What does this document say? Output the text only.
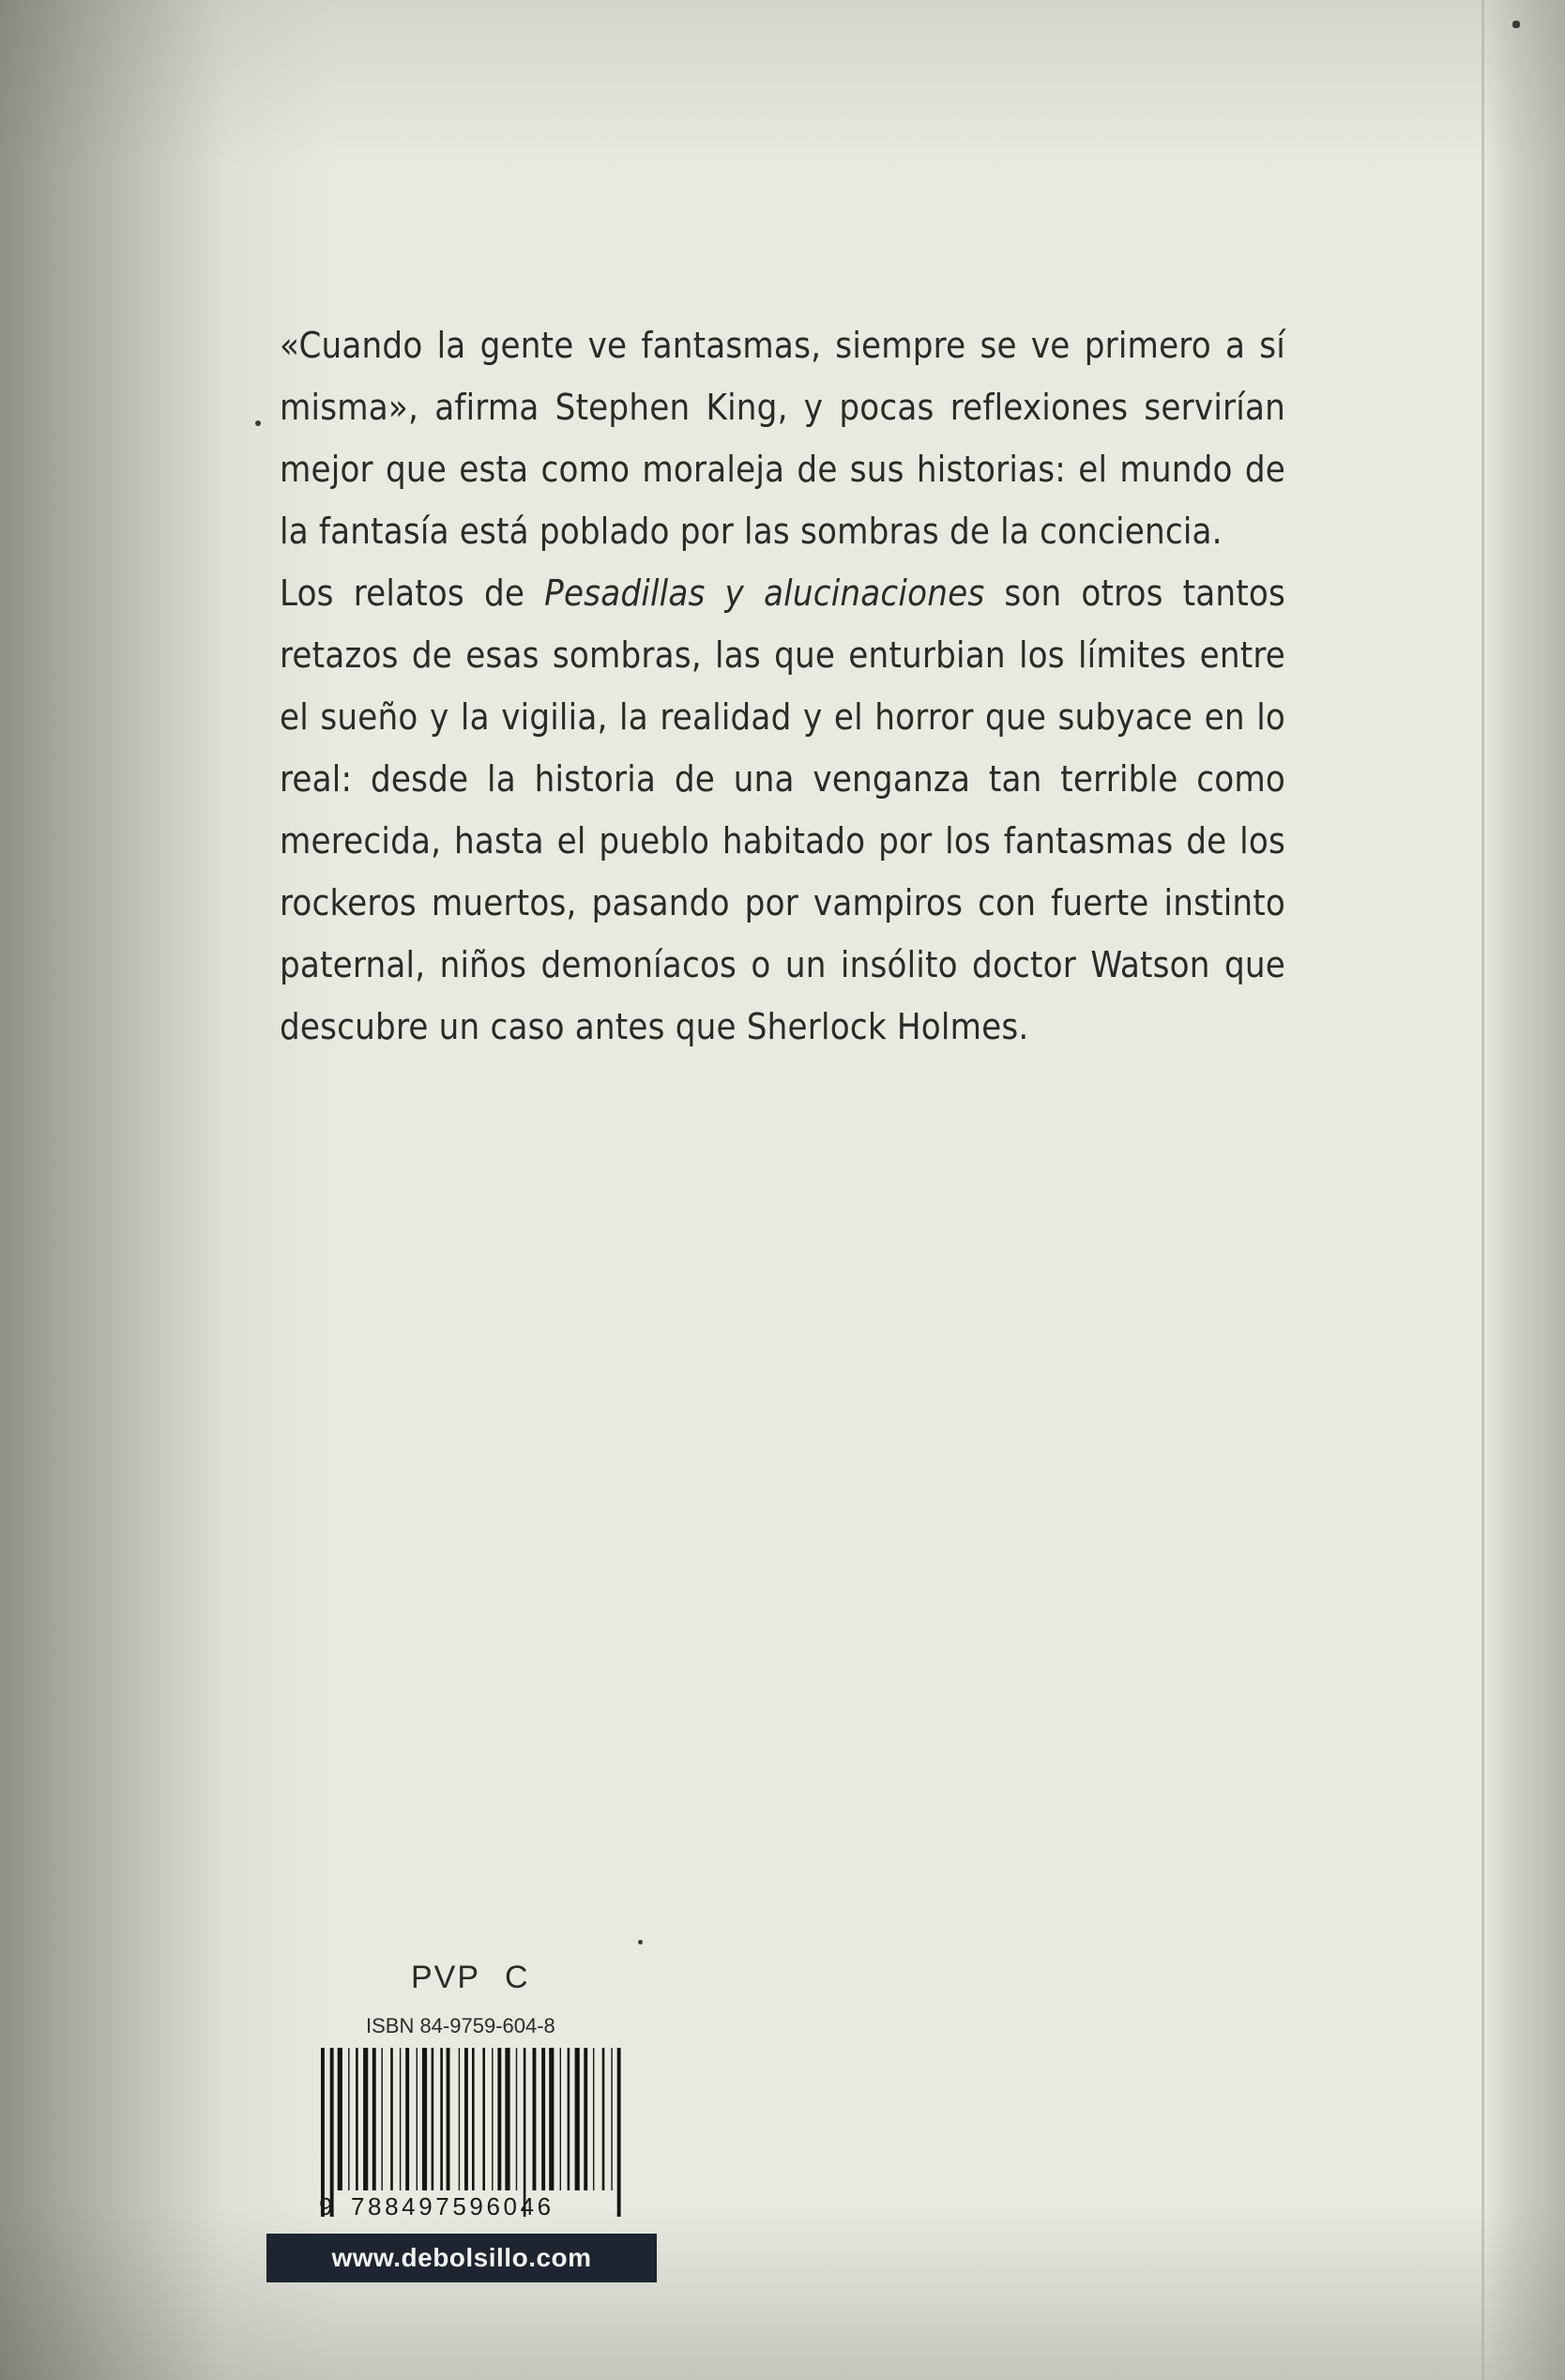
«Cuando la gente ve fantasmas, siempre se ve primero a sí misma», afirma Stephen King, y pocas reflexiones servirían mejor que esta como moraleja de sus historias: el mundo de la fantasía está poblado por las sombras de la conciencia.

Los relatos de Pesadillas y alucinaciones son otros tantos retazos de esas sombras, las que enturbian los límites entre el sueño y la vigilia, la realidad y el horror que subyace en lo real: desde la historia de una venganza tan terrible como merecida, hasta el pueblo habitado por los fantasmas de los rockeros muertos, pasando por vampiros con fuerte instinto paternal, niños demoníacos o un insólito doctor Watson que descubre un caso antes que Sherlock Holmes.

PVP C
ISBN 84-9759-604-8
9 788497596046
www.debolsillo.com
